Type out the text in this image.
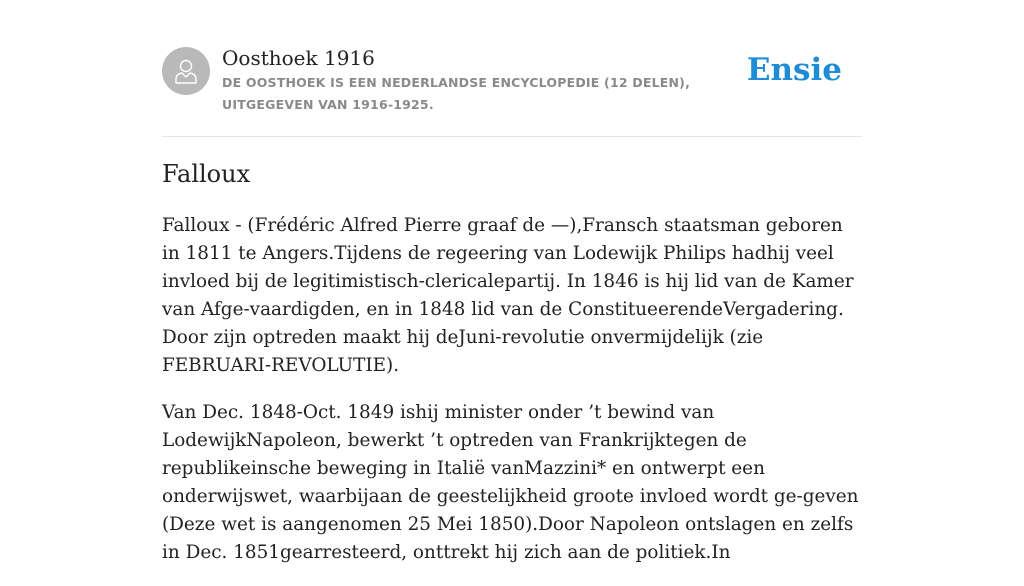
Oosthoek 1916
DE OOSTHOEK IS EEN NEDERLANDSE ENCYCLOPEDIE (12 DELEN), UITGEGEVEN VAN 1916-1925.
Ensie
Falloux

Falloux - (Frédéric Alfred Pierre graaf de —),Fransch staatsman geboren in 1811 te Angers.Tijdens de regeering van Lodewijk Philips hadhij veel invloed bij de legitimistisch-clericalepartij. In 1846 is hij lid van de Kamer van Afge-vaardigden, en in 1848 lid van de ConstitueerendeVergadering. Door zijn optreden maakt hij deJuni-revolutie onvermijdelijk (zie FEBRUARI-REVOLUTIE).

Van Dec. 1848-Oct. 1849 ishij minister onder ’t bewind van LodewijkNapoleon, bewerkt ’t optreden van Frankrijktegen de republikeinsche beweging in Italië vanMazzini* en ontwerpt een onderwijswet, waarbijaan de geestelijkheid groote invloed wordt ge-geven (Deze wet is aangenomen 25 Mei 1850).Door Napoleon ontslagen en zelfs in Dec. 1851gearresteerd, onttrekt hij zich aan de politiek.In
